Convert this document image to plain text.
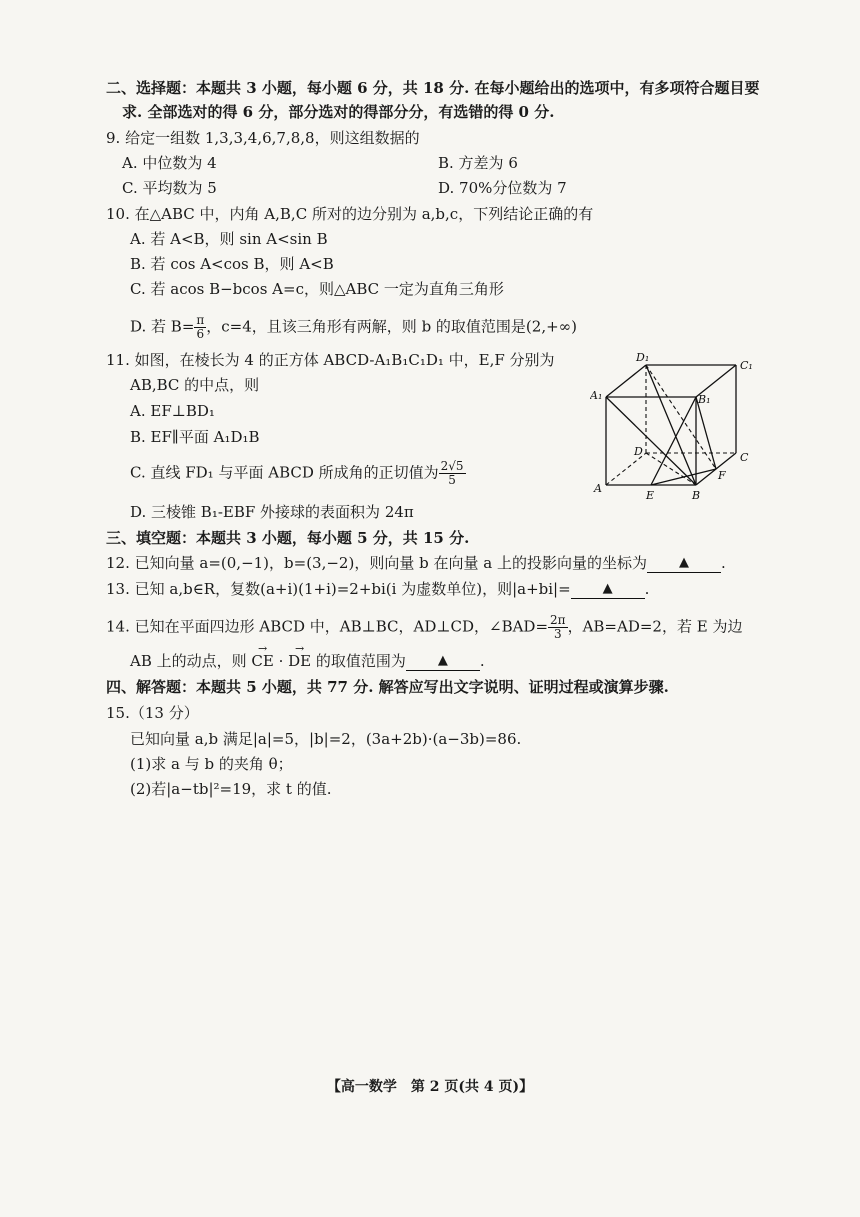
二、选择题：本题共 3 小题，每小题 6 分，共 18 分. 在每小题给出的选项中，有多项符合题目要
求. 全部选对的得 6 分，部分选对的得部分分，有选错的得 0 分.
9. 给定一组数 1,3,3,4,6,7,8,8，则这组数据的
A. 中位数为 4	B. 方差为 6
C. 平均数为 5	D. 70%分位数为 7
10. 在△ABC 中，内角 A,B,C 所对的边分别为 a,b,c，下列结论正确的有
A. 若 A<B，则 sin A<sin B
B. 若 cos A<cos B，则 A<B
C. 若 acos B−bcos A=c，则△ABC 一定为直角三角形
D. 若 $B= \frac{\pi}{6}$ ，c=4，且该三角形有两解，则 b 的取值范围是(2,+∞)
11. 如图，在棱长为 4 的正方体 ABCD-A₁B₁C₁D₁ 中，E,F 分别为
AB,BC 的中点，则
A. EF⊥BD₁
B. EF∥平面 A₁D₁B
C. 直线 FD₁ 与平面 ABCD 所成角的正切值为 $\frac{2√5}{5}$
D. 三棱锥 B₁-EBF 外接球的表面积为 24π
D₁
C₁
A₁	B₁
D	C
A
E	B
F
三、填空题：本题共 3 小题，每小题 5 分，共 15 分.
12. 已知向量 a=(0,−1)，b=(3,−2)，则向量 b 在向量 a 上的投影向量的坐标为 ▲ .
13. 已知 a,b∈R，复数(a+i)(1+i)=2+bi(i 为虚数单位)，则|a+bi|= ▲ .
14. 已知在平面四边形 ABCD 中，AB⊥BC，AD⊥CD，∠BAD= $\frac{2\pi}{3}$ ，AB=AD=2，若 E 为边
AB 上的动点，则 → CE · → DE 的取值范围为 ▲ .
四、解答题：本题共 5 小题，共 77 分. 解答应写出文字说明、证明过程或演算步骤.
15.（13 分）
已知向量 a,b 满足|a|=5，|b|=2，(3a+2b)·(a−3b)=86.
(1)求 a 与 b 的夹角 θ；
(2)若|a−tb|²=19，求 t 的值.
【高一数学　第 2 页(共 4 页)】
